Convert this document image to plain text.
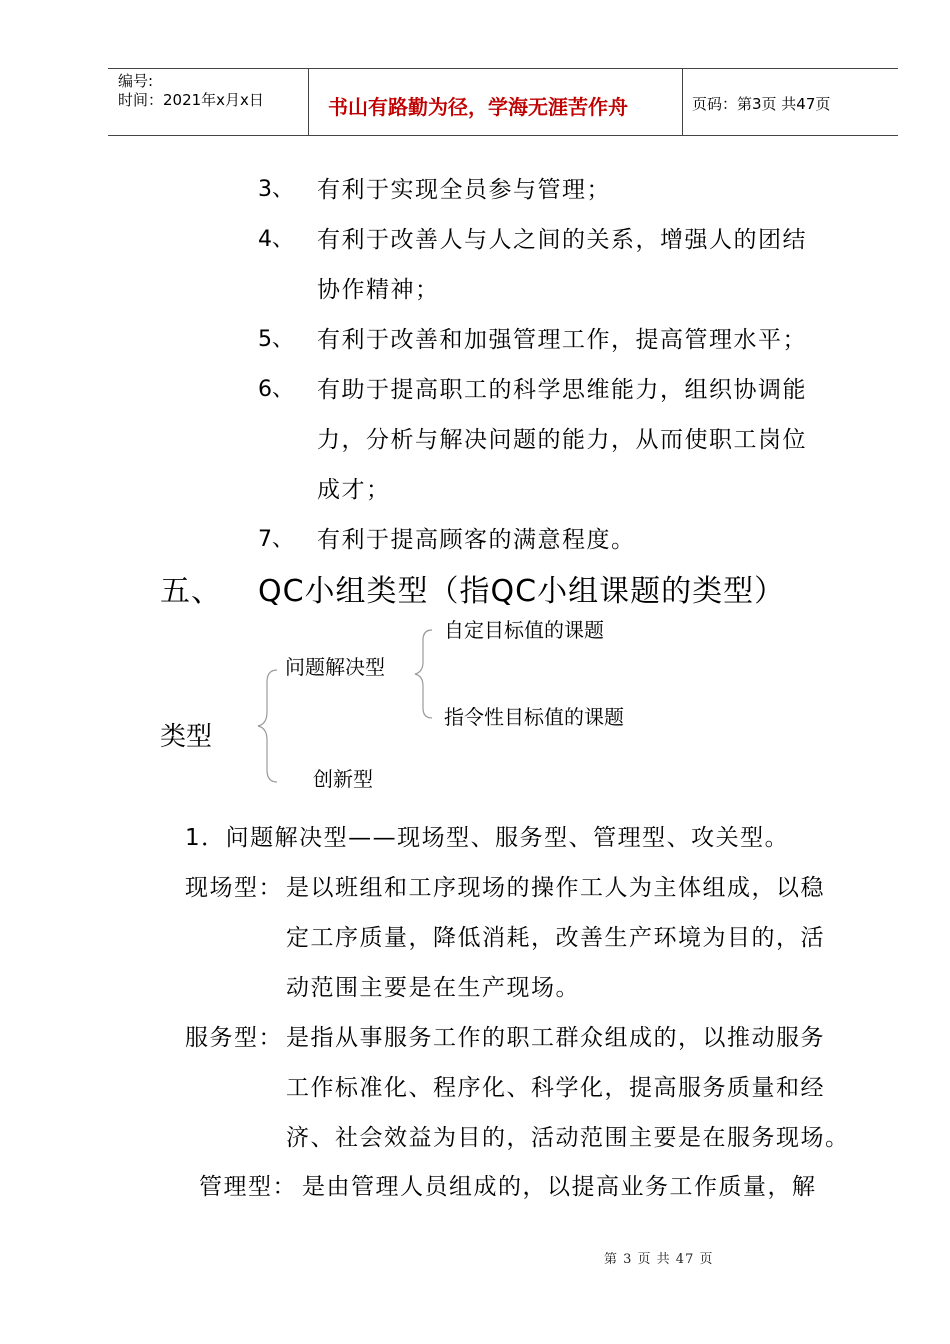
编号:
时间：2021年x月x日	书山有路勤为径，学海无涯苦作舟	页码：第3页 共47页
3、 有利于实现全员参与管理；
4、 有利于改善人与人之间的关系，增强人的团结
协作精神；
5、 有利于改善和加强管理工作，提高管理水平；
6、 有助于提高职工的科学思维能力，组织协调能
力，分析与解决问题的能力，从而使职工岗位
成才；
7、 有利于提高顾客的满意程度。
五、 QC小组类型（指QC小组课题的类型）
类型
问题解决型
创新型
自定目标值的课题
指令性目标值的课题
1．问题解决型——现场型、服务型、管理型、攻关型。
现场型： 是以班组和工序现场的操作工人为主体组成，以稳
定工序质量，降低消耗，改善生产环境为目的，活
动范围主要是在生产现场。
服务型： 是指从事服务工作的职工群众组成的，以推动服务
工作标准化、程序化、科学化，提高服务质量和经
济、社会效益为目的，活动范围主要是在服务现场。
管理型： 是由管理人员组成的，以提高业务工作质量，解
第 3 页 共 47 页
